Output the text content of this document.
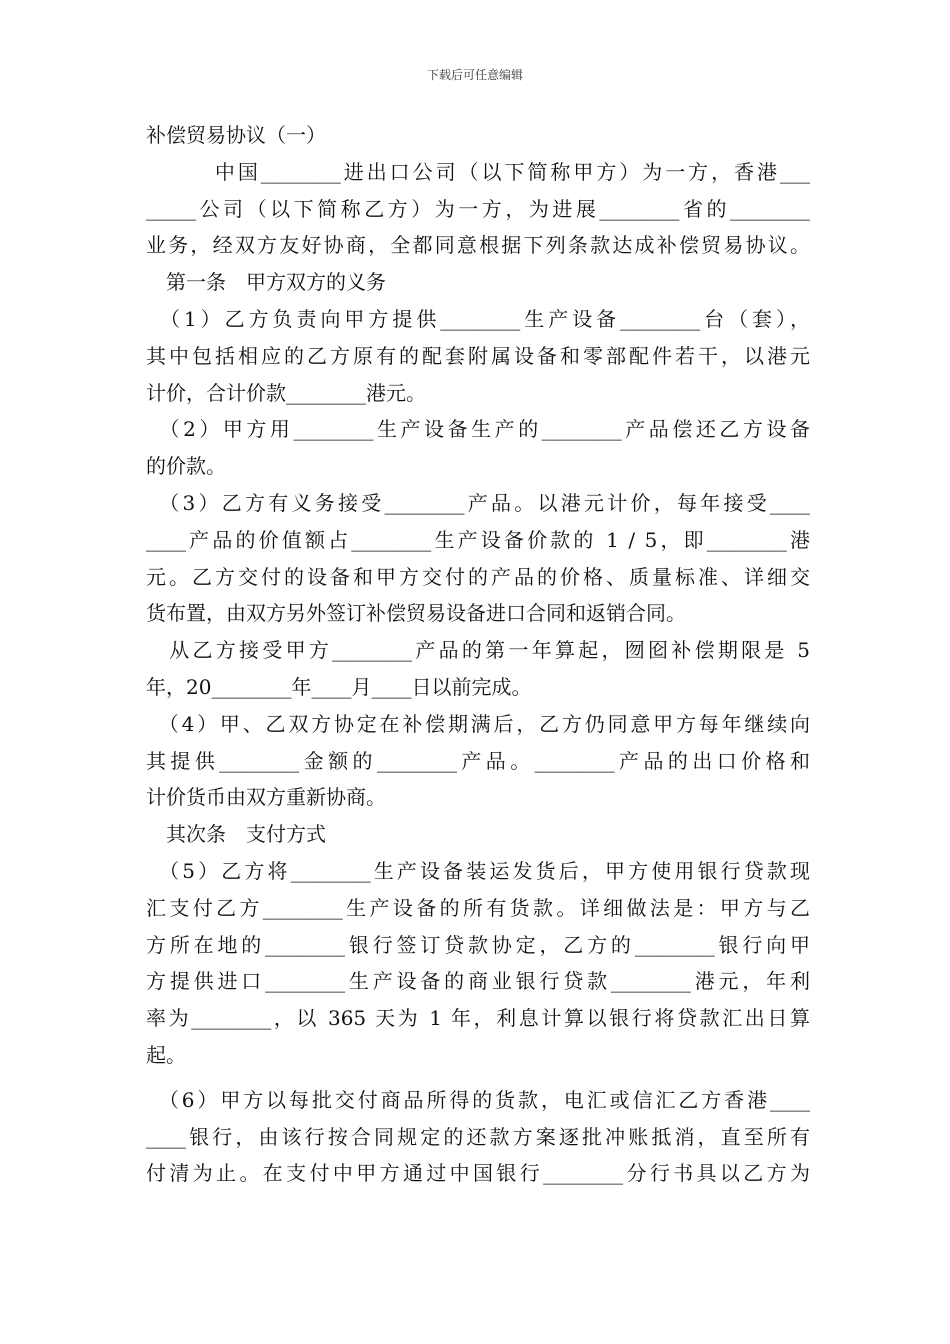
下载后可任意编辑
补偿贸易协议（一）
　　　中国________进出口公司（以下简称甲方）为一方，香港___
_____公司（以下简称乙方）为一方，为进展________省的________
业务，经双方友好协商，全都同意根据下列条款达成补偿贸易协议。
　第一条　甲方双方的义务
　（1）乙方负责向甲方提供________生产设备________台（套），
其中包括相应的乙方原有的配套附属设备和零部配件若干，以港元
计价，合计价款________港元。
　（2）甲方用________生产设备生产的________产品偿还乙方设备
的价款。
　（3）乙方有义务接受________产品。以港元计价，每年接受____
____产品的价值额占________生产设备价款的 1 / 5，即________港
元。乙方交付的设备和甲方交付的产品的价格、质量标准、详细交
货布置，由双方另外签订补偿贸易设备进口合同和返销合同。
　从乙方接受甲方________产品的第一年算起，囫囵补偿期限是 5
年，20________年____月____日以前完成。
　（4）甲、乙双方协定在补偿期满后，乙方仍同意甲方每年继续向
其提供________金额的________产品。________产品的出口价格和
计价货币由双方重新协商。
　其次条　支付方式
　（5）乙方将________生产设备装运发货后，甲方使用银行贷款现
汇支付乙方________生产设备的所有货款。详细做法是：甲方与乙
方所在地的________银行签订贷款协定，乙方的________银行向甲
方提供进口________生产设备的商业银行贷款________港元，年利
率为________，以 365 天为 1 年，利息计算以银行将贷款汇出日算
起。
　（6）甲方以每批交付商品所得的货款，电汇或信汇乙方香港____
____银行，由该行按合同规定的还款方案逐批冲账抵消，直至所有
付清为止。在支付中甲方通过中国银行________分行书具以乙方为
